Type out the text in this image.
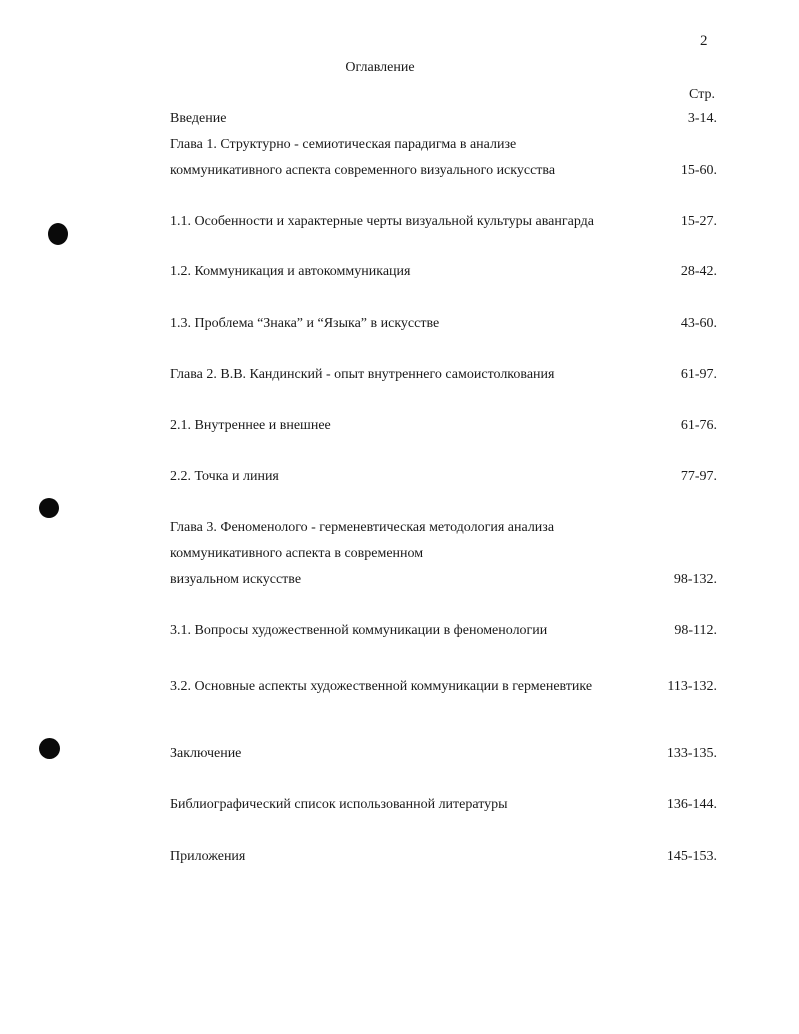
2
Оглавление
Стр.
Введение	3-14.
Глава 1. Структурно - семиотическая парадигма в анализе
коммуникативного аспекта современного визуального искусства	15-60.
1.1. Особенности и характерные черты визуальной культуры авангарда	15-27.
1.2. Коммуникация и автокоммуникация	28-42.
1.3. Проблема “Знака” и “Языка” в искусстве	43-60.
Глава 2. В.В. Кандинский - опыт внутреннего самоистолкования	61-97.
2.1. Внутреннее и внешнее	61-76.
2.2. Точка и линия	77-97.
Глава 3. Феноменолого - герменевтическая методология анализа
коммуникативного аспекта в современном
визуальном искусстве	98-132.
3.1. Вопросы художественной коммуникации в феноменологии	98-112.
3.2. Основные аспекты художественной коммуникации в герменевтике	113-132.
Заключение	133-135.
Библиографический список использованной литературы	136-144.
Приложения	145-153.
